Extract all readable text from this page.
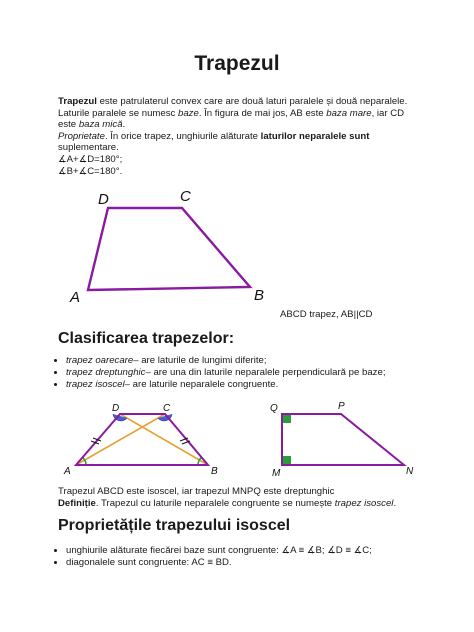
Trapezul

Trapezul este patrulaterul convex care are două laturi paralele și două neparalele.

Laturile paralele se numesc baze. În figura de mai jos, AB este baza mare, iar CD

este baza mică.

Proprietate. În orice trapez, unghiurile alăturate laturilor neparalele sunt

suplementare.

∡A+∡D=180°;

∡B+∡C=180°.

D	C
A	B
D	C
A	B
Q	P
M	N
ABCD trapez, AB||CD
Clasificarea trapezelor:
• trapez oarecare– are laturile de lungimi diferite;
• trapez dreptunghic– are una din laturile neparalele perpendiculară pe baze;
• trapez isoscel– are laturile neparalele congruente.
Trapezul ABCD este isoscel, iar trapezul MNPQ este dreptunghic
Definiție. Trapezul cu laturile neparalele congruente se numește trapez isoscel.
Proprietățile trapezului isoscel
• unghiurile alăturate fiecărei baze sunt congruente: ∡A ≡ ∡B; ∡D ≡ ∡C;
• diagonalele sunt congruente: AC ≡ BD.
